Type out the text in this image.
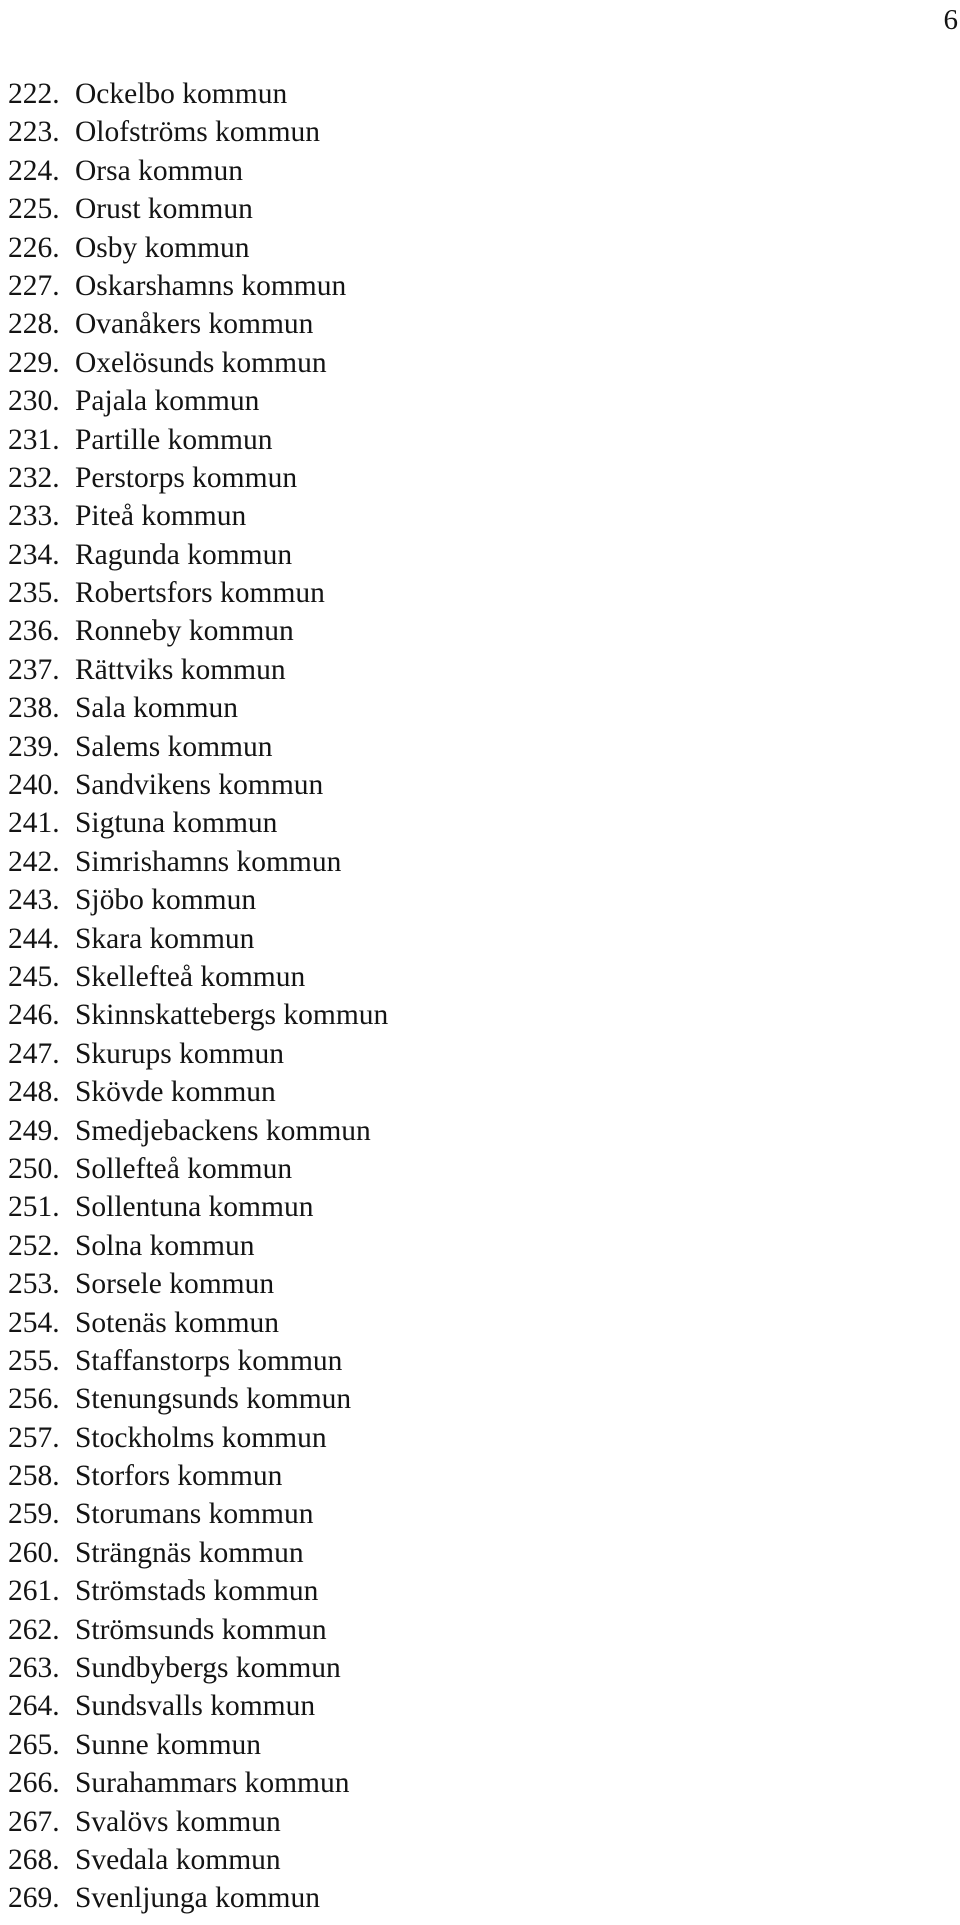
6
222. Ockelbo kommun
223. Olofströms kommun
224. Orsa kommun
225. Orust kommun
226. Osby kommun
227. Oskarshamns kommun
228. Ovanåkers kommun
229. Oxelösunds kommun
230. Pajala kommun
231. Partille kommun
232. Perstorps kommun
233. Piteå kommun
234. Ragunda kommun
235. Robertsfors kommun
236. Ronneby kommun
237. Rättviks kommun
238. Sala kommun
239. Salems kommun
240. Sandvikens kommun
241. Sigtuna kommun
242. Simrishamns kommun
243. Sjöbo kommun
244. Skara kommun
245. Skellefteå kommun
246. Skinnskattebergs kommun
247. Skurups kommun
248. Skövde kommun
249. Smedjebackens kommun
250. Sollefteå kommun
251. Sollentuna kommun
252. Solna kommun
253. Sorsele kommun
254. Sotenäs kommun
255. Staffanstorps kommun
256. Stenungsunds kommun
257. Stockholms kommun
258. Storfors kommun
259. Storumans kommun
260. Strängnäs kommun
261. Strömstads kommun
262. Strömsunds kommun
263. Sundbybergs kommun
264. Sundsvalls kommun
265. Sunne kommun
266. Surahammars kommun
267. Svalövs kommun
268. Svedala kommun
269. Svenljunga kommun
